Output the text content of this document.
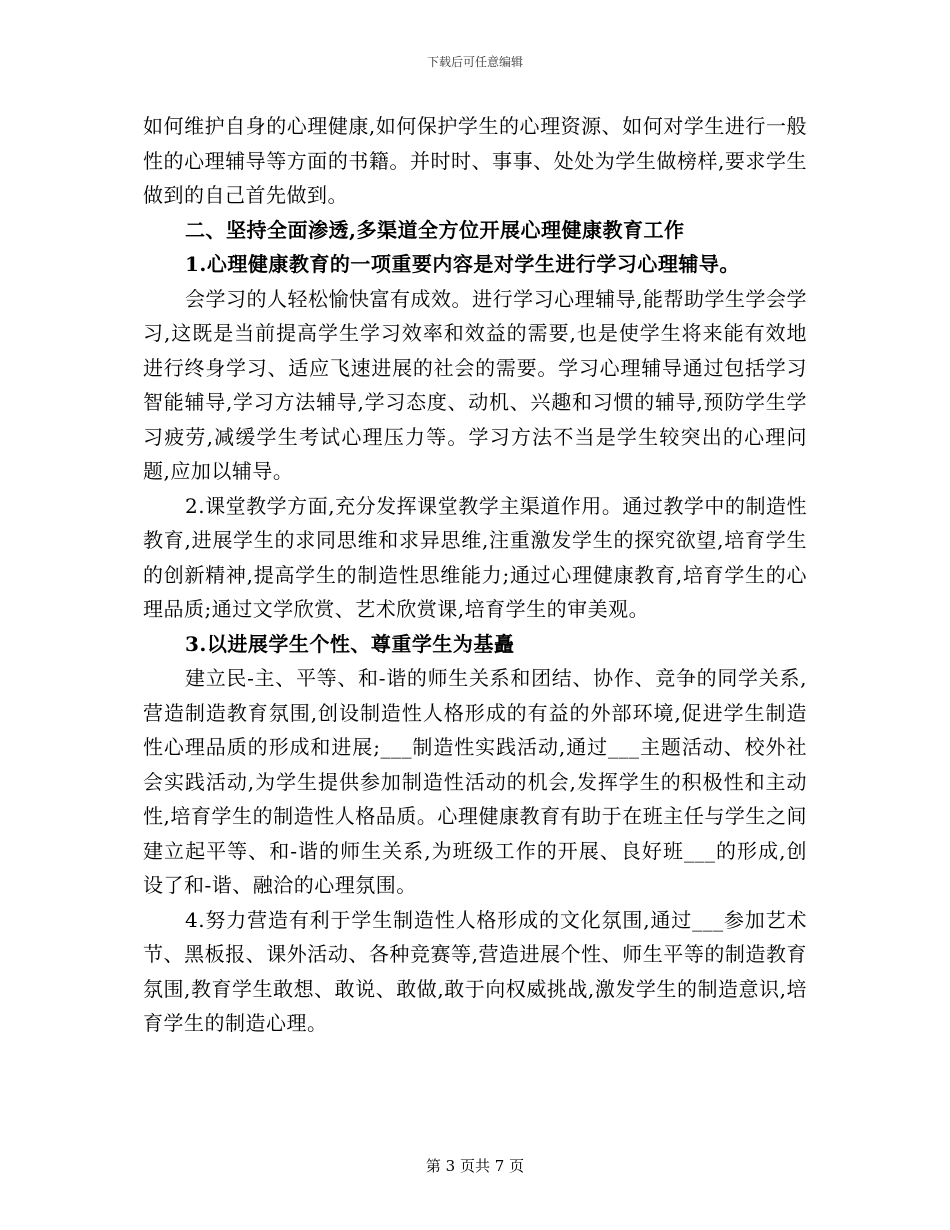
下载后可任意编辑

如何维护自身的心理健康,如何保护学生的心理资源、如何对学生进行一般性的心理辅导等方面的书籍。并时时、事事、处处为学生做榜样,要求学生做到的自己首先做到。

二、坚持全面渗透,多渠道全方位开展心理健康教育工作

1.心理健康教育的一项重要内容是对学生进行学习心理辅导。

会学习的人轻松愉快富有成效。进行学习心理辅导,能帮助学生学会学习,这既是当前提高学生学习效率和效益的需要,也是使学生将来能有效地进行终身学习、适应飞速进展的社会的需要。学习心理辅导通过包括学习智能辅导,学习方法辅导,学习态度、动机、兴趣和习惯的辅导,预防学生学习疲劳,减缓学生考试心理压力等。学习方法不当是学生较突出的心理问题,应加以辅导。

2.课堂教学方面,充分发挥课堂教学主渠道作用。通过教学中的制造性教育,进展学生的求同思维和求异思维,注重激发学生的探究欲望,培育学生的创新精神,提高学生的制造性思维能力;通过心理健康教育,培育学生的心理品质;通过文学欣赏、艺术欣赏课,培育学生的审美观。

3.以进展学生个性、尊重学生为基矗

建立民-主、平等、和-谐的师生关系和团结、协作、竞争的同学关系,营造制造教育氛围,创设制造性人格形成的有益的外部环境,促进学生制造性心理品质的形成和进展;___制造性实践活动,通过___主题活动、校外社会实践活动,为学生提供参加制造性活动的机会,发挥学生的积极性和主动性,培育学生的制造性人格品质。心理健康教育有助于在班主任与学生之间建立起平等、和-谐的师生关系,为班级工作的开展、良好班___的形成,创设了和-谐、融洽的心理氛围。

4.努力营造有利于学生制造性人格形成的文化氛围,通过___参加艺术节、黑板报、课外活动、各种竞赛等,营造进展个性、师生平等的制造教育氛围,教育学生敢想、敢说、敢做,敢于向权威挑战,激发学生的制造意识,培育学生的制造心理。

第 3 页共 7 页
